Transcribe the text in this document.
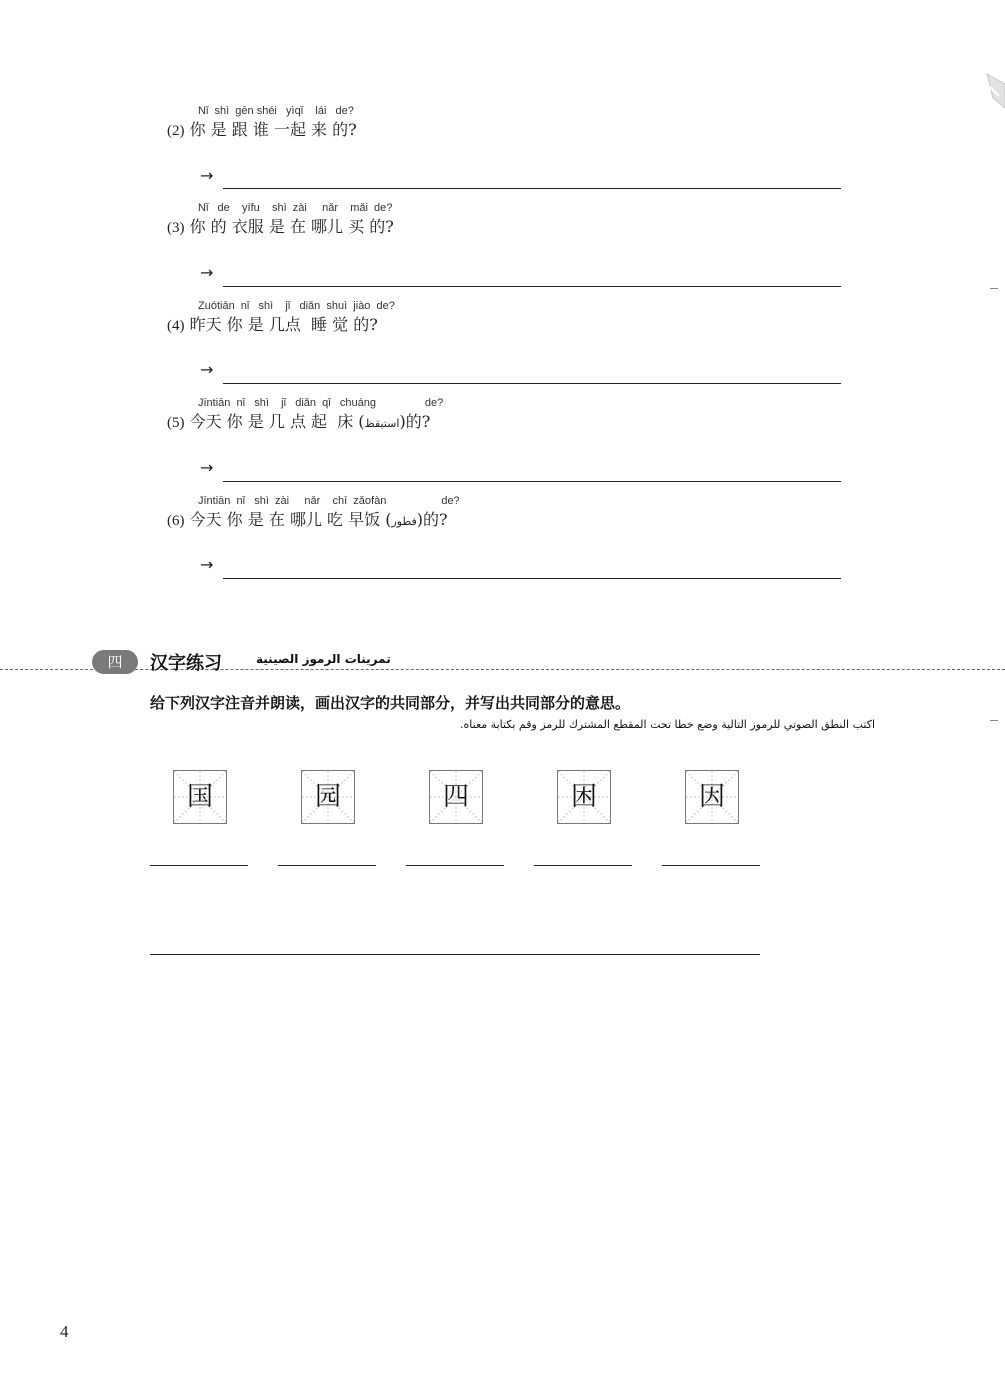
Nǐ  shì  gēn shéi   yìqǐ    lái   de?
(2) 你 是 跟 谁 一起 来 的?
→
Nǐ   de    yīfu    shì  zài     nǎr    mǎi  de?
(3) 你 的 衣服 是 在 哪儿 买 的?
→
Zuótiān  nǐ   shì    jǐ   diǎn  shuì  jiào  de?
(4) 昨天 你 是 几点  睡 觉 的?
→
Jīntiān  nǐ   shì    jǐ   diǎn  qǐ   chuáng                de?
(5) 今天 你 是 几 点 起  床 (استيقظ)的?
→
Jīntiān  nǐ   shì  zài     nǎr    chī  zǎofàn                  de?
(6) 今天 你 是 在 哪儿 吃 早饭 (فطور)的?
→
四	汉字练习	تمرينات الرموز الصينية
给下列汉字注音并朗读，画出汉字的共同部分，并写出共同部分的意思。
اكتب النطق الصوتي للرموز التالية وضع خطا تحت المقطع المشترك للرمز وقم بكتابة معناه.
国	园	四	困	因
4
